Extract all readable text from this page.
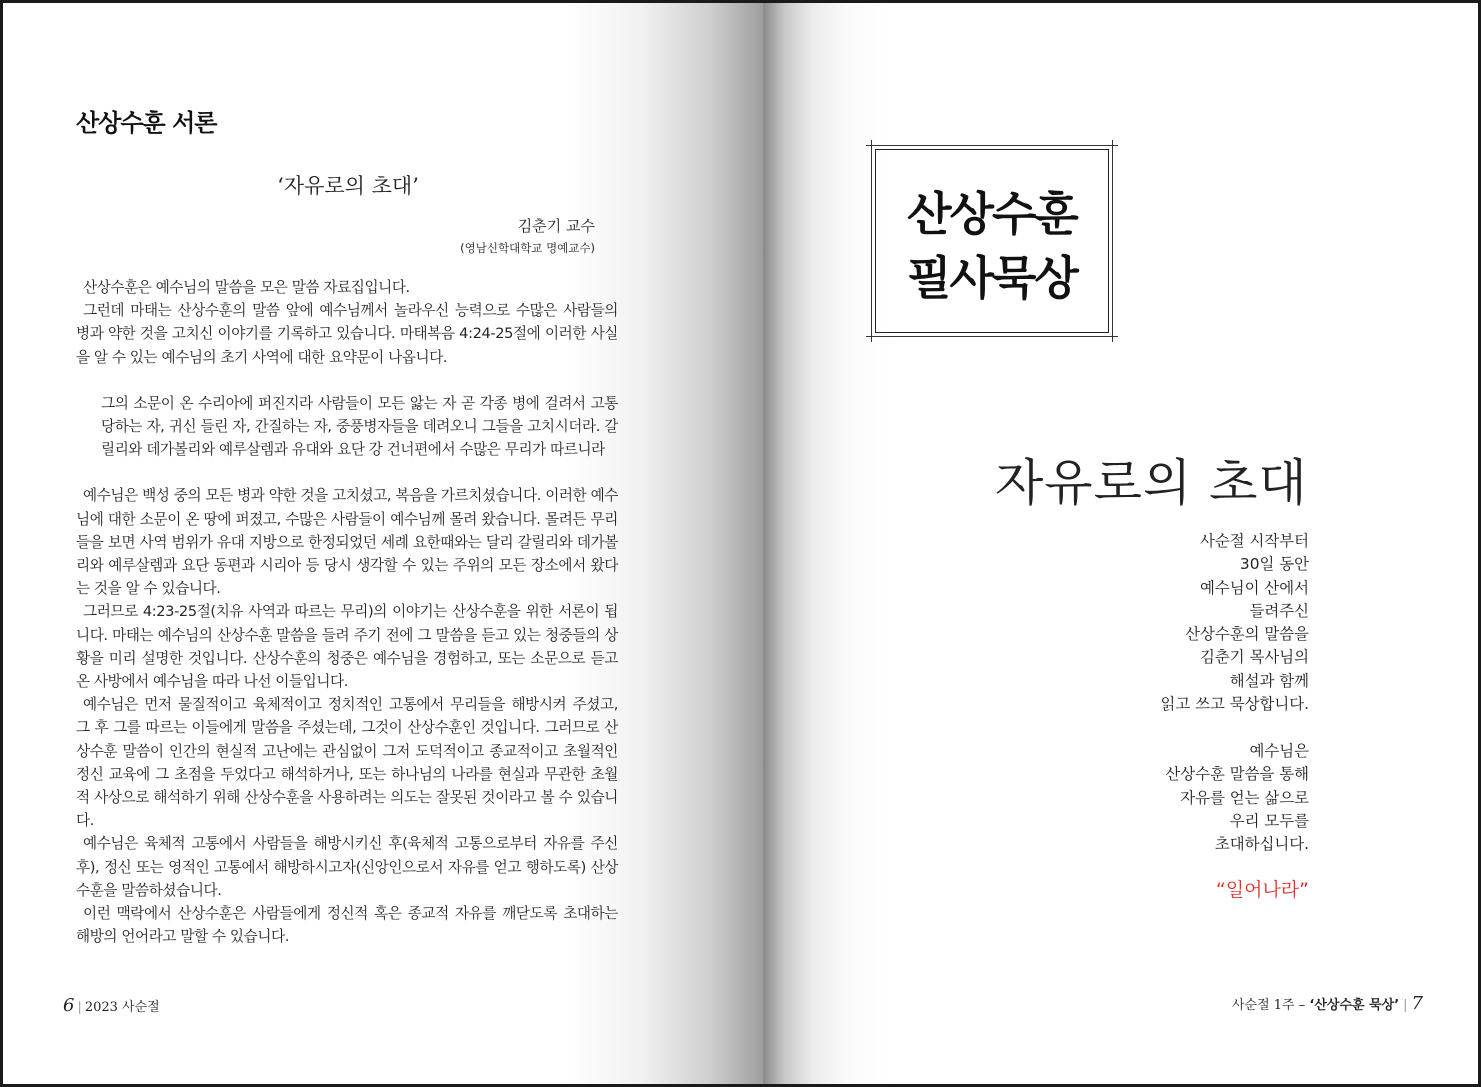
산상수훈 서론
‘자유로의 초대’
김춘기 교수
(영남신학대학교 명예교수)

산상수훈은 예수님의 말씀을 모은 말씀 자료집입니다.

그런데 마태는 산상수훈의 말씀 앞에 예수님께서 놀라우신 능력으로 수많은 사람들의 병과 약한 것을 고치신 이야기를 기록하고 있습니다. 마태복음 4:24-25절에 이러한 사실을 알 수 있는 예수님의 초기 사역에 대한 요약문이 나옵니다.

그의 소문이 온 수리아에 퍼진지라 사람들이 모든 앓는 자 곧 각종 병에 걸려서 고통 당하는 자, 귀신 들린 자, 간질하는 자, 중풍병자들을 데려오니 그들을 고치시더라. 갈릴리와 데가볼리와 예루살렘과 유대와 요단 강 건너편에서 수많은 무리가 따르니라

예수님은 백성 중의 모든 병과 약한 것을 고치셨고, 복음을 가르치셨습니다. 이러한 예수님에 대한 소문이 온 땅에 퍼졌고, 수많은 사람들이 예수님께 몰려 왔습니다. 몰려든 무리들을 보면 사역 범위가 유대 지방으로 한정되었던 세례 요한때와는 달리 갈릴리와 데가볼리와 예루살렘과 요단 동편과 시리아 등 당시 생각할 수 있는 주위의 모든 장소에서 왔다는 것을 알 수 있습니다.

그러므로 4:23-25절(치유 사역과 따르는 무리)의 이야기는 산상수훈을 위한 서론이 됩니다. 마태는 예수님의 산상수훈 말씀을 들려 주기 전에 그 말씀을 듣고 있는 청중들의 상황을 미리 설명한 것입니다. 산상수훈의 청중은 예수님을 경험하고, 또는 소문으로 듣고 온 사방에서 예수님을 따라 나선 이들입니다.

예수님은 먼저 물질적이고 육체적이고 정치적인 고통에서 무리들을 해방시켜 주셨고, 그 후 그를 따르는 이들에게 말씀을 주셨는데, 그것이 산상수훈인 것입니다. 그러므로 산상수훈 말씀이 인간의 현실적 고난에는 관심없이 그저 도덕적이고 종교적이고 초월적인 정신 교육에 그 초점을 두었다고 해석하거나, 또는 하나님의 나라를 현실과 무관한 초월적 사상으로 해석하기 위해 산상수훈을 사용하려는 의도는 잘못된 것이라고 볼 수 있습니다.

예수님은 육체적 고통에서 사람들을 해방시키신 후(육체적 고통으로부터 자유를 주신 후), 정신 또는 영적인 고통에서 해방하시고자(신앙인으로서 자유를 얻고 행하도록) 산상수훈을 말씀하셨습니다.

이런 맥락에서 산상수훈은 사람들에게 정신적 혹은 종교적 자유를 깨닫도록 초대하는 해방의 언어라고 말할 수 있습니다.

6 | 2023 사순절
산상수훈
필사묵상
자유로의 초대
사순절 시작부터
30일 동안
예수님이 산에서
들려주신
산상수훈의 말씀을
김춘기 목사님의
해설과 함께
읽고 쓰고 묵상합니다.
예수님은
산상수훈 말씀을 통해
자유를 얻는 삶으로
우리 모두를
초대하십니다.
“일어나라”
사순절 1주 – ‘산상수훈 묵상’ | 7
